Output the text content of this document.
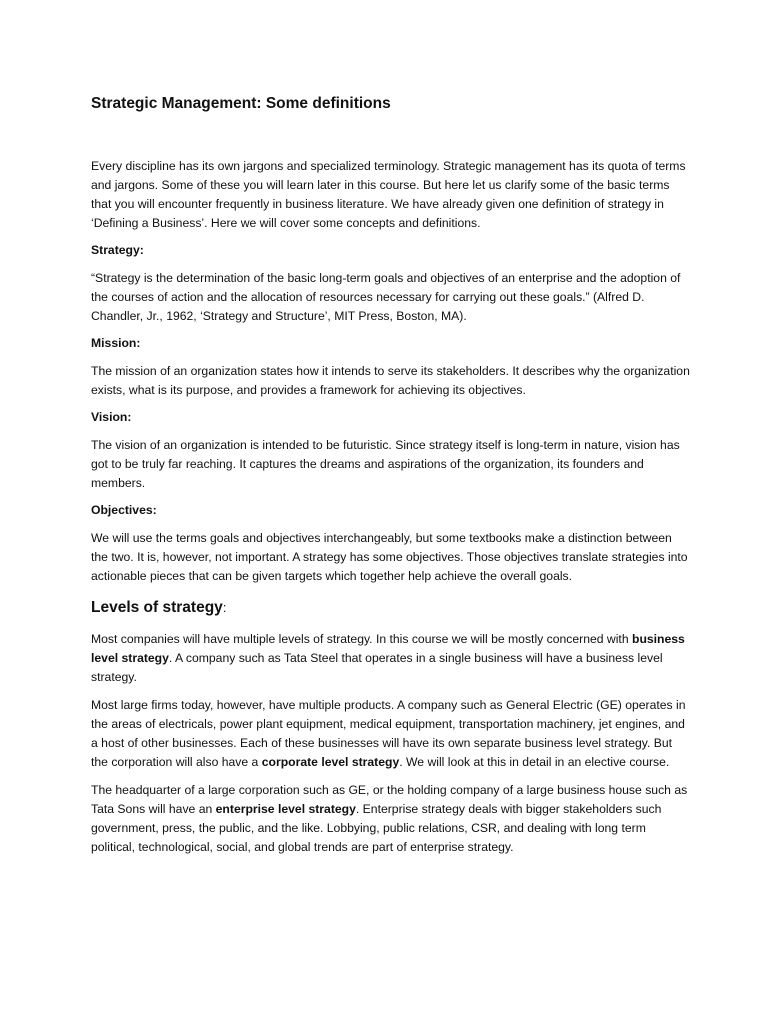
Strategic Management: Some definitions

Every discipline has its own jargons and specialized terminology. Strategic management has its quota of terms and jargons. Some of these you will learn later in this course. But here let us clarify some of the basic terms that you will encounter frequently in business literature. We have already given one definition of strategy in ‘Defining a Business’. Here we will cover some concepts and definitions.

Strategy:

“Strategy is the determination of the basic long-term goals and objectives of an enterprise and the adoption of the courses of action and the allocation of resources necessary for carrying out these goals.” (Alfred D. Chandler, Jr., 1962, ‘Strategy and Structure’, MIT Press, Boston, MA).

Mission:

The mission of an organization states how it intends to serve its stakeholders. It describes why the organization exists, what is its purpose, and provides a framework for achieving its objectives.

Vision:

The vision of an organization is intended to be futuristic. Since strategy itself is long-term in nature, vision has got to be truly far reaching. It captures the dreams and aspirations of the organization, its founders and members.

Objectives:

We will use the terms goals and objectives interchangeably, but some textbooks make a distinction between the two. It is, however, not important. A strategy has some objectives. Those objectives translate strategies into actionable pieces that can be given targets which together help achieve the overall goals.

Levels of strategy:

Most companies will have multiple levels of strategy. In this course we will be mostly concerned with business level strategy. A company such as Tata Steel that operates in a single business will have a business level strategy.

Most large firms today, however, have multiple products. A company such as General Electric (GE) operates in the areas of electricals, power plant equipment, medical equipment, transportation machinery, jet engines, and a host of other businesses. Each of these businesses will have its own separate business level strategy. But the corporation will also have a corporate level strategy. We will look at this in detail in an elective course.

The headquarter of a large corporation such as GE, or the holding company of a large business house such as Tata Sons will have an enterprise level strategy. Enterprise strategy deals with bigger stakeholders such government, press, the public, and the like. Lobbying, public relations, CSR, and dealing with long term political, technological, social, and global trends are part of enterprise strategy.
